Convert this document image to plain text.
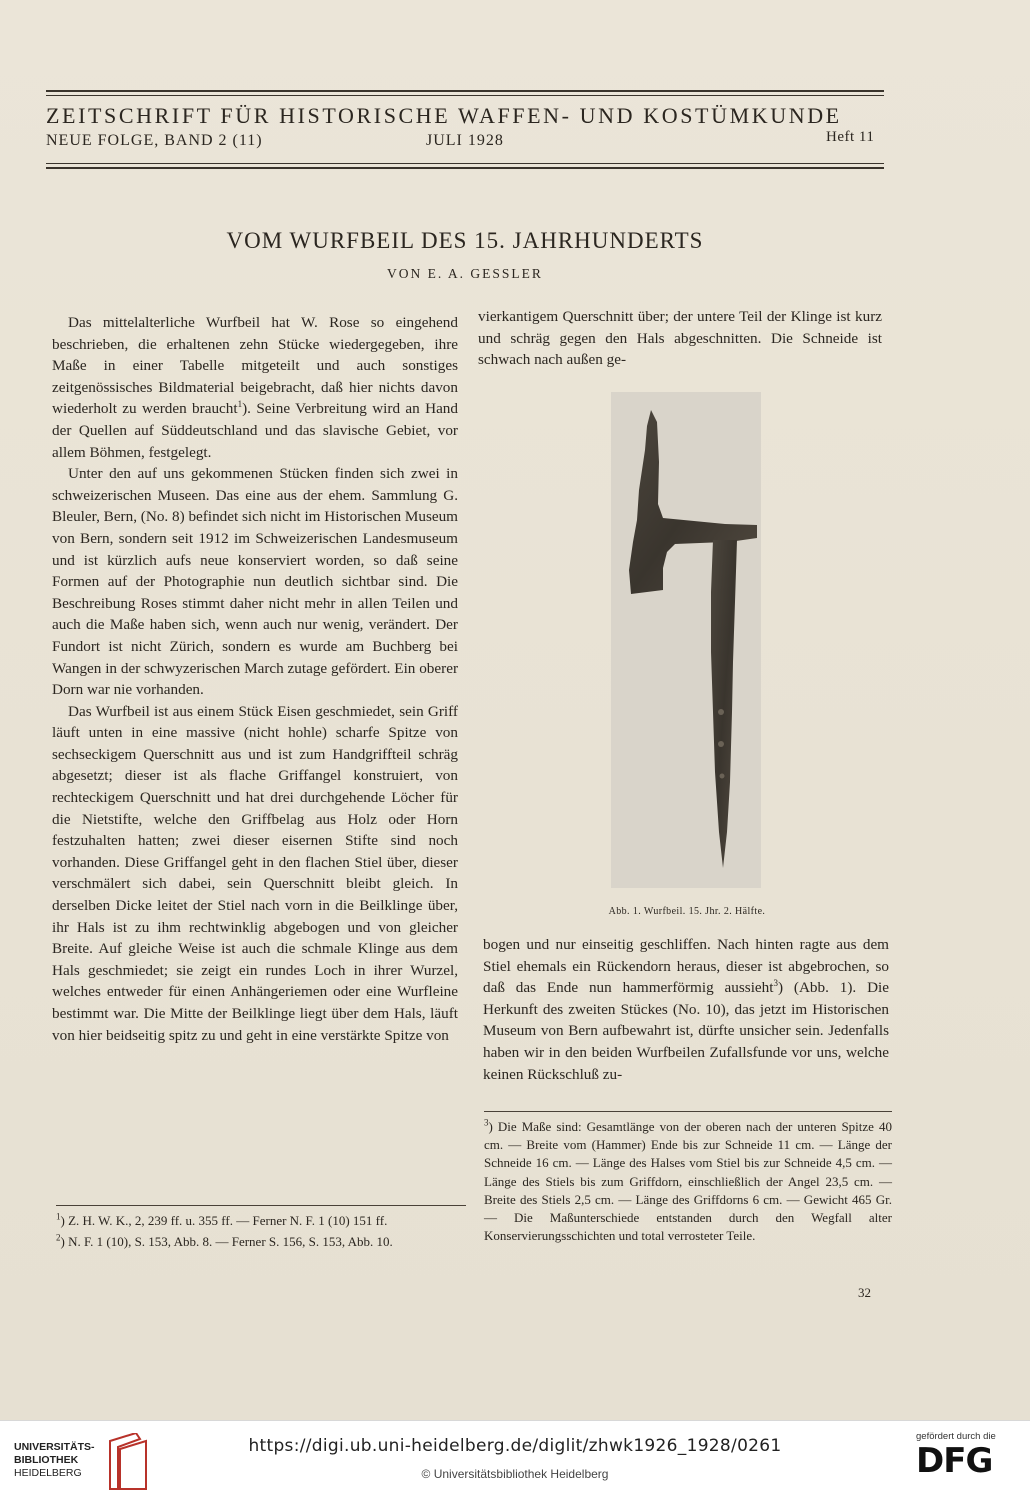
ZEITSCHRIFT FÜR HISTORISCHE WAFFEN- UND KOSTÜMKUNDE
NEUE FOLGE, BAND 2 (11)	JULI 1928	Heft 11
VOM WURFBEIL DES 15. JAHRHUNDERTS
VON E. A. GESSLER

Das mittelalterliche Wurfbeil hat W. Rose so eingehend beschrieben, die erhaltenen zehn Stücke wiedergegeben, ihre Maße in einer Tabelle mitgeteilt und auch sonstiges zeitgenössisches Bildmaterial beigebracht, daß hier nichts davon wiederholt zu werden braucht$^1$). Seine Verbreitung wird an Hand der Quellen auf Süddeutschland und das slavische Gebiet, vor allem Böhmen, festgelegt.

Unter den auf uns gekommenen Stücken finden sich zwei in schweizerischen Museen. Das eine aus der ehem. Sammlung G. Bleuler, Bern, (No. 8) befindet sich nicht im Historischen Museum von Bern, sondern seit 1912 im Schweizerischen Landesmuseum und ist kürzlich aufs neue konserviert worden, so daß seine Formen auf der Photographie nun deutlich sichtbar sind. Die Beschreibung Roses stimmt daher nicht mehr in allen Teilen und auch die Maße haben sich, wenn auch nur wenig, verändert. Der Fundort ist nicht Zürich, sondern es wurde am Buchberg bei Wangen in der schwyzerischen March zutage gefördert. Ein oberer Dorn war nie vorhanden.

Das Wurfbeil ist aus einem Stück Eisen geschmiedet, sein Griff läuft unten in eine massive (nicht hohle) scharfe Spitze von sechseckigem Querschnitt aus und ist zum Handgriffteil schräg abgesetzt; dieser ist als flache Griffangel konstruiert, von rechteckigem Querschnitt und hat drei durchgehende Löcher für die Nietstifte, welche den Griffbelag aus Holz oder Horn festzuhalten hatten; zwei dieser eisernen Stifte sind noch vorhanden. Diese Griffangel geht in den flachen Stiel über, dieser verschmälert sich dabei, sein Querschnitt bleibt gleich. In derselben Dicke leitet der Stiel nach vorn in die Beilklinge über, ihr Hals ist zu ihm rechtwinklig abgebogen und von gleicher Breite. Auf gleiche Weise ist auch die schmale Klinge aus dem Hals geschmiedet; sie zeigt ein rundes Loch in ihrer Wurzel, welches entweder für einen Anhängeriemen oder eine Wurfleine bestimmt war. Die Mitte der Beilklinge liegt über dem Hals, läuft von hier beidseitig spitz zu und geht in eine verstärkte Spitze von

vierkantigem Querschnitt über; der untere Teil der Klinge ist kurz und schräg gegen den Hals abgeschnitten. Die Schneide ist schwach nach außen ge-

Abb. 1. Wurfbeil. 15. Jhr. 2. Hälfte.

bogen und nur einseitig geschliffen. Nach hinten ragte aus dem Stiel ehemals ein Rückendorn heraus, dieser ist abgebrochen, so daß das Ende nun hammerförmig aussieht$^3$) (Abb. 1). Die Herkunft des zweiten Stückes (No. 10), das jetzt im Historischen Museum von Bern aufbewahrt ist, dürfte unsicher sein. Jedenfalls haben wir in den beiden Wurfbeilen Zufallsfunde vor uns, welche keinen Rückschluß zu-

$^1$) Z. H. W. K., 2, 239 ff. u. 355 ff. — Ferner N. F. 1 (10) 151 ff.

$^2$) N. F. 1 (10), S. 153, Abb. 8. — Ferner S. 156, S. 153, Abb. 10.

$^3$) Die Maße sind: Gesamtlänge von der oberen nach der unteren Spitze 40 cm. — Breite vom (Hammer) Ende bis zur Schneide 11 cm. — Länge der Schneide 16 cm. — Länge des Halses vom Stiel bis zur Schneide 4,5 cm. — Länge des Stiels bis zum Griffdorn, einschließlich der Angel 23,5 cm. — Breite des Stiels 2,5 cm. — Länge des Griffdorns 6 cm. — Gewicht 465 Gr. — Die Maßunterschiede entstanden durch den Wegfall alter Konservierungsschichten und total verrosteter Teile.

32
UNIVERSITÄTS-
BIBLIOTHEK
HEIDELBERG
https://digi.ub.uni-heidelberg.de/diglit/zhwk1926_1928/0261
© Universitätsbibliothek Heidelberg
gefördert durch die
DFG
